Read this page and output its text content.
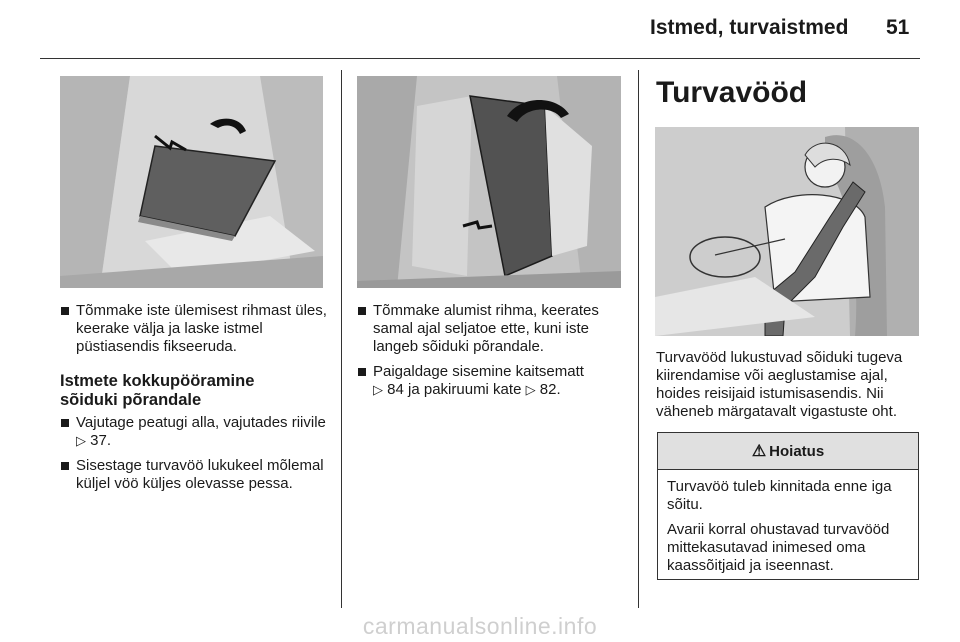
Istmed, turvaistmed 51
Tõmmake iste ülemisest rihmast üles, keerake välja ja laske istmel püstiasendis fikseeruda.
Istmete kokkupööramine
sõiduki põrandale
Vajutage peatugi alla, vajutades riivile ▷ 37.
Sisestage turvavöö lukukeel mõlemal küljel vöö küljes olevasse pessa.
Tõmmake alumist rihma, keerates samal ajal seljatoe ette, kuni iste langeb sõiduki põrandale.
Paigaldage sisemine kaitsematt
▷ 84 ja pakiruumi kate ▷ 82.
Turvavööd

Turvavööd lukustuvad sõiduki tugeva kiirendamise või aeglustamise ajal, hoides reisijaid istumisasendis. Nii väheneb märgatavalt vigastuste oht.

⚠ Hoiatus

Turvavöö tuleb kinnitada enne iga sõitu.

Avarii korral ohustavad turvavööd mittekasutavad inimesed oma kaassõitjaid ja iseennast.

carmanualsonline.info
